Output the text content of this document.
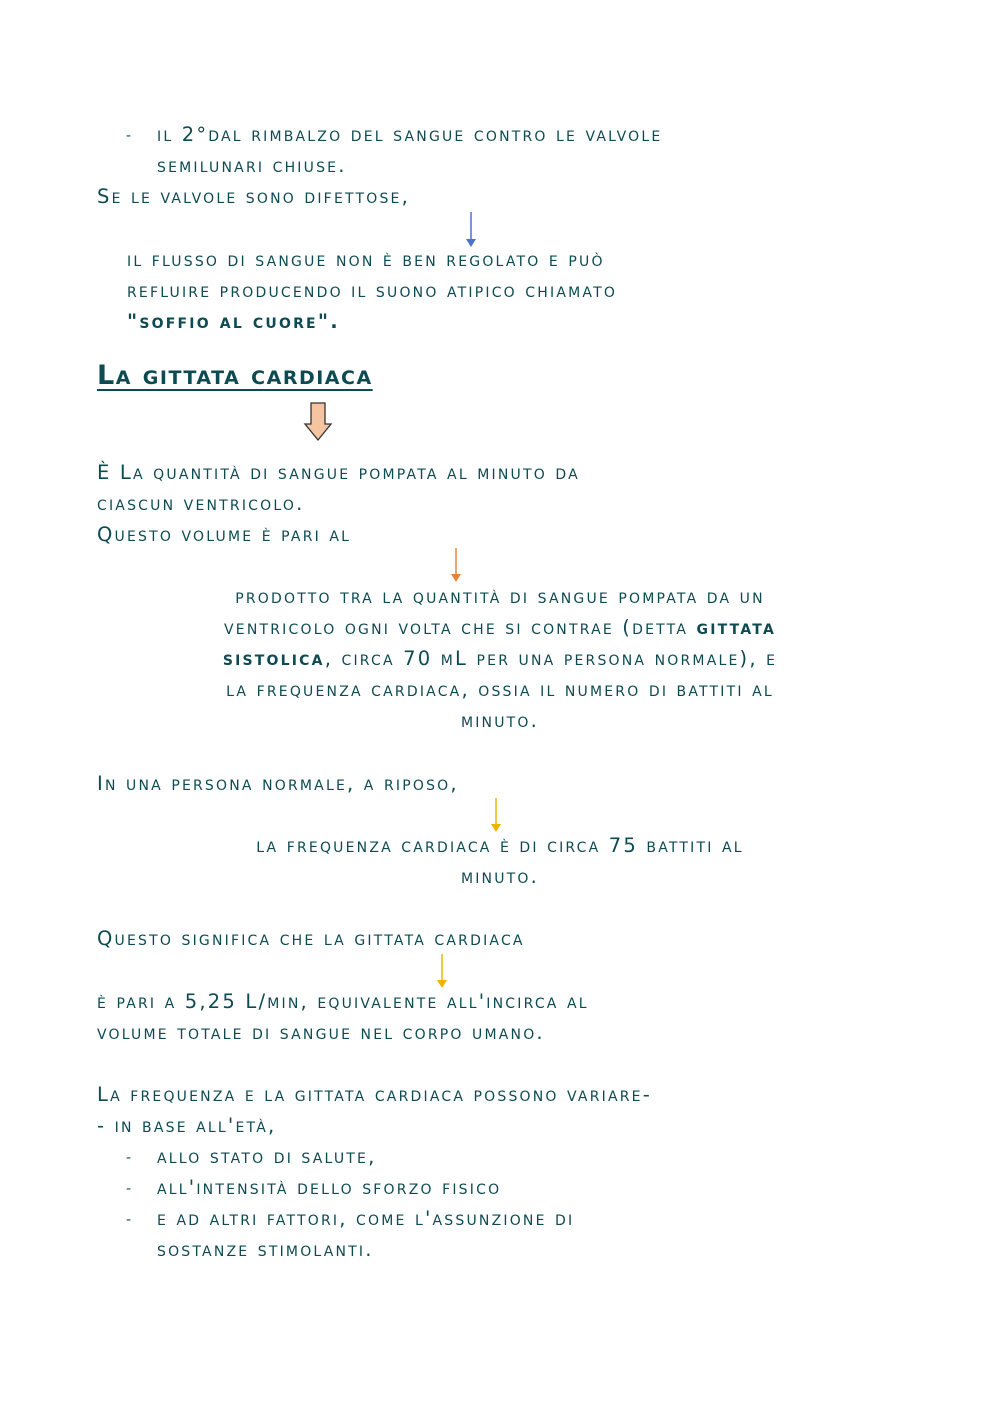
- il 2°dal rimbalzo del sangue contro le valvole

semilunari chiuse.

Se le valvole sono difettose,

il flusso di sangue non è ben regolato e può

refluire producendo il suono atipico chiamato

"soffio al cuore".

La gittata cardiaca

È La quantità di sangue pompata al minuto da

ciascun ventricolo.

Questo volume è pari al

prodotto tra la quantità di sangue pompata da un

ventricolo ogni volta che si contrae (detta gittata

sistolica, circa 70 mL per una persona normale), e

la frequenza cardiaca, ossia il numero di battiti al

minuto.

In una persona normale, a riposo,

la frequenza cardiaca è di circa 75 battiti al

minuto.

Questo significa che la gittata cardiaca

è pari a 5,25 L/min, equivalente all'incirca al

volume totale di sangue nel corpo umano.

La frequenza e la gittata cardiaca possono variare-

- in base all'età,

- allo stato di salute,

- all'intensità dello sforzo fisico

- e ad altri fattori, come l'assunzione di

sostanze stimolanti.
